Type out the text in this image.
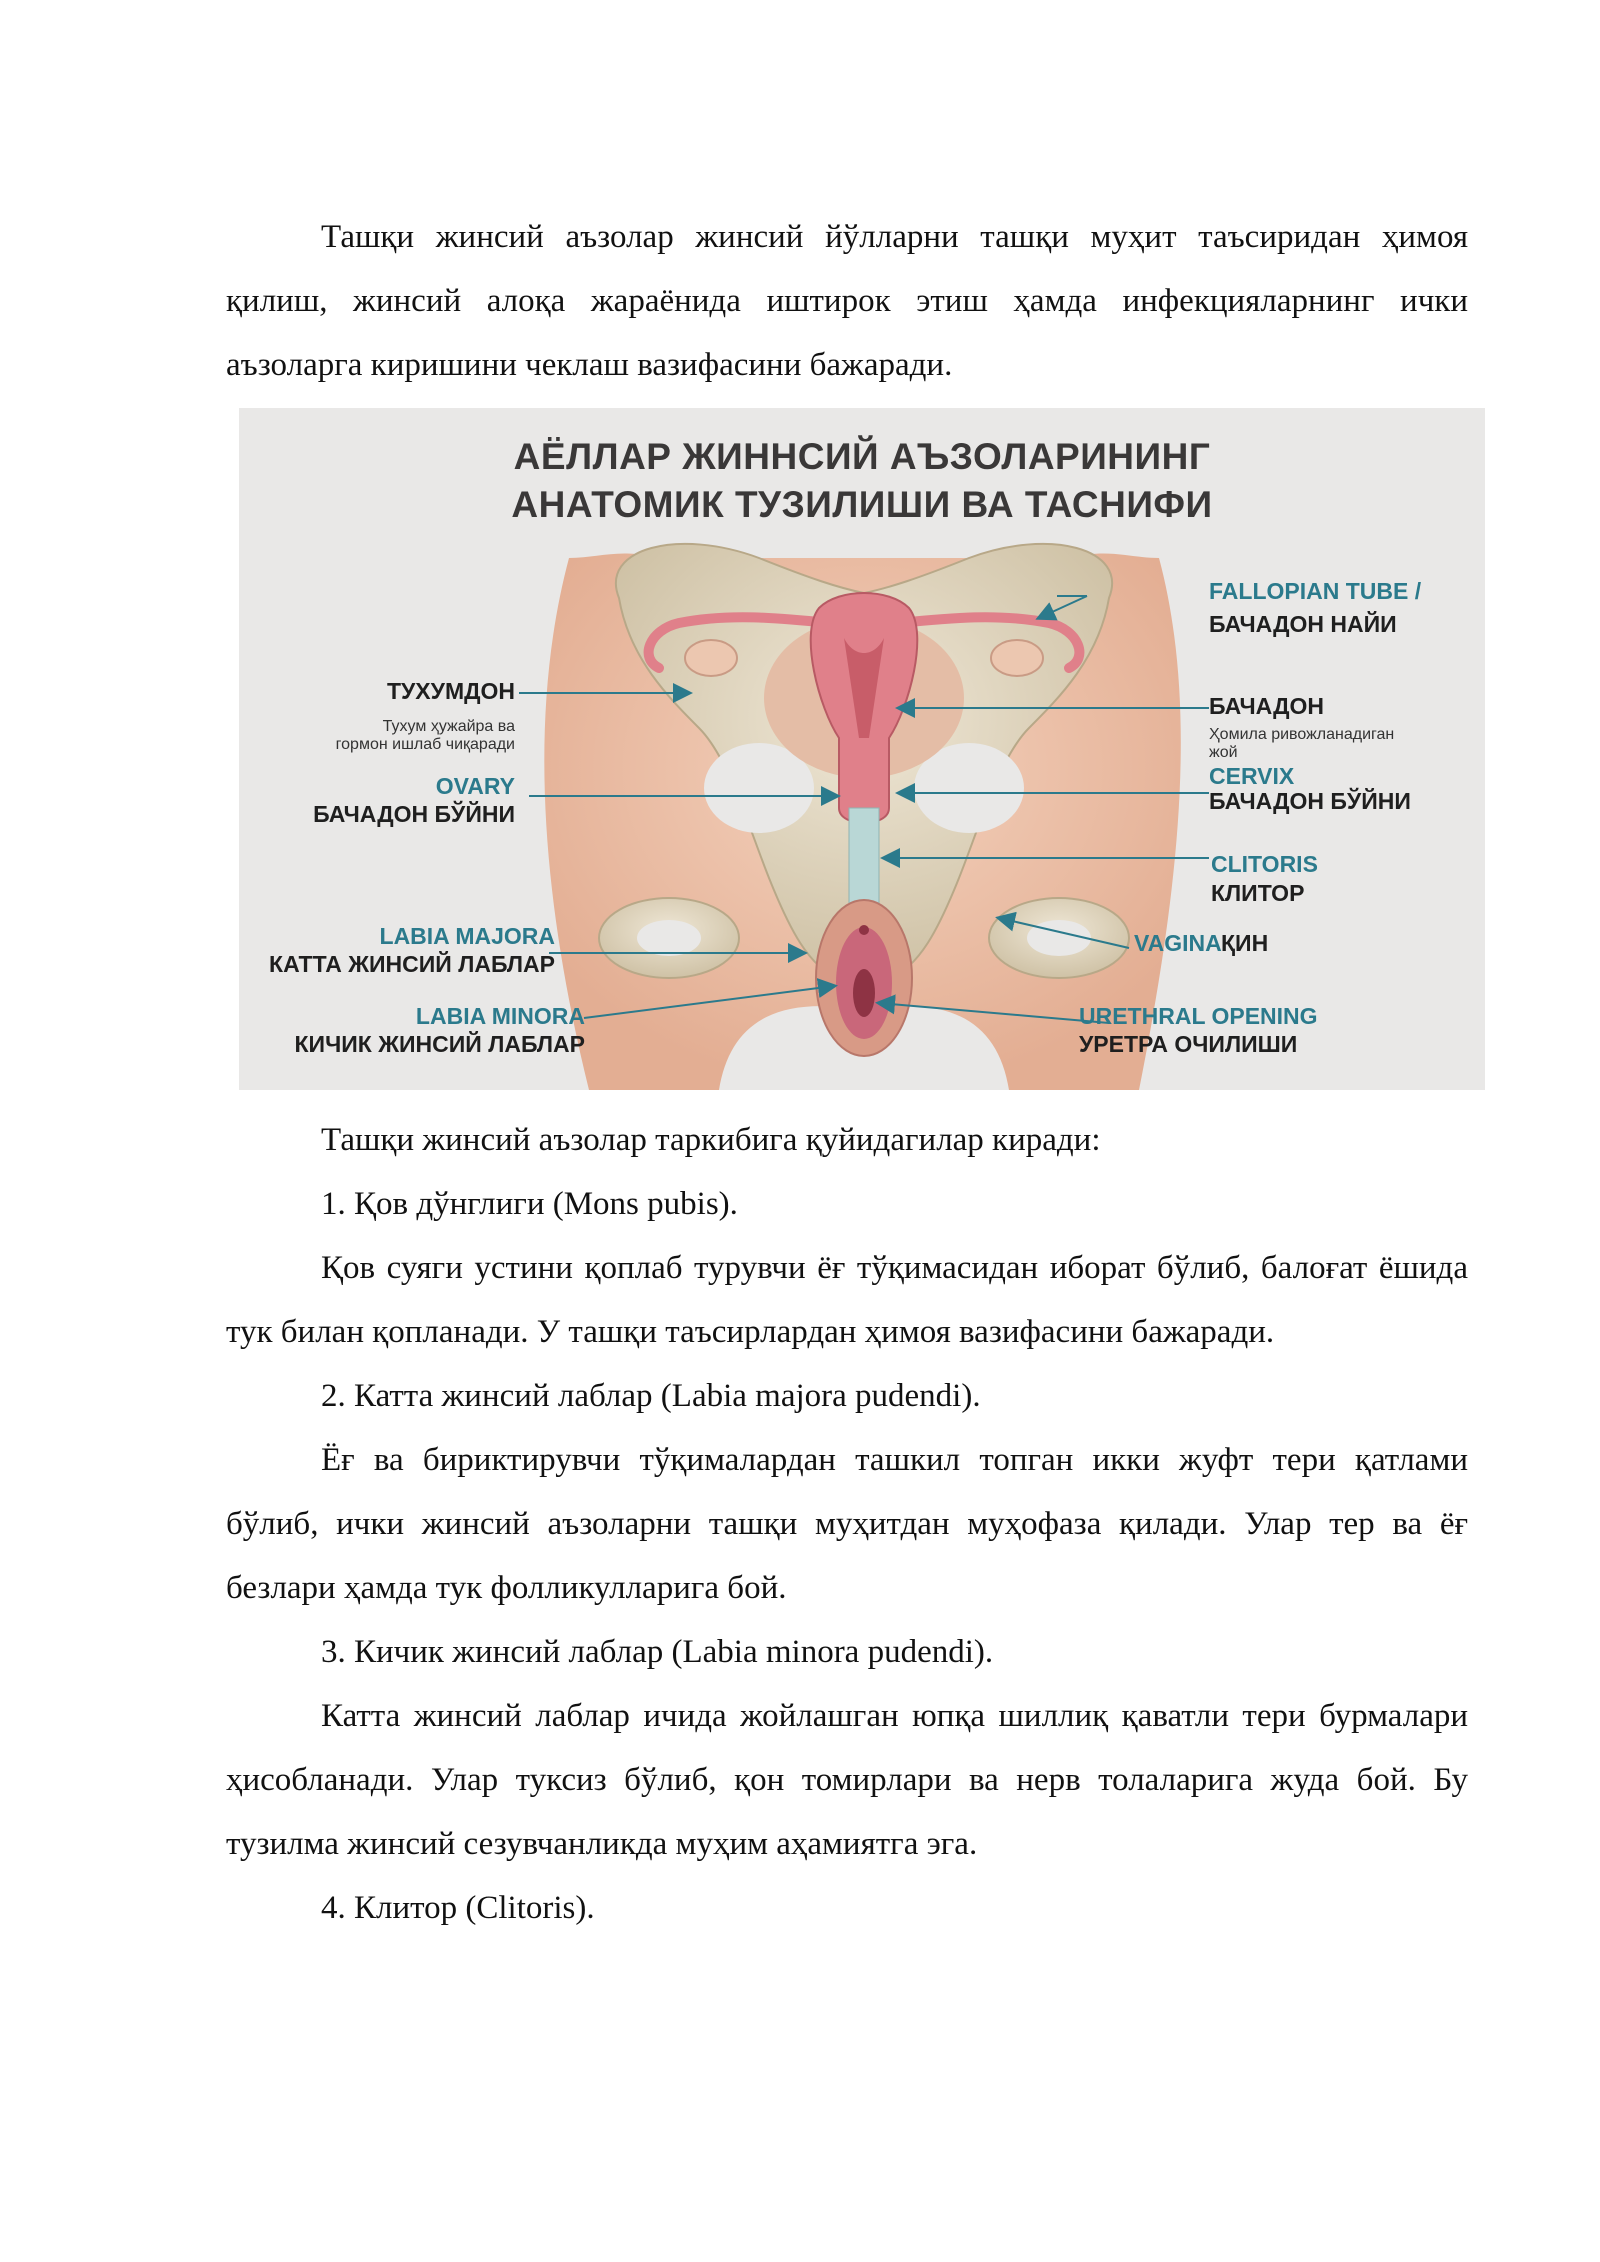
Ташқи жинсий аъзолар жинсий йўлларни ташқи муҳит таъсиридан ҳимоя қилиш, жинсий алоқа жараёнида иштирок этиш ҳамда инфекцияларнинг ички аъзоларга киришини чеклаш вазифасини бажаради.

АЁЛЛАР ЖИННСИЙ АЪЗОЛАРИНИНГ
АНАТОМИК ТУЗИЛИШИ ВА ТАСНИФИ
FALLOPIAN TUBE /
БАЧАДОН НАЙИ
ТУХУМДОН
Тухум ҳужайра ва
гормон ишлаб чиқаради
OVARY
БАЧАДОН БЎЙНИ
БАЧАДОН
Ҳомила ривожланадиган
жой
CERVIX
БАЧАДОН БЎЙНИ
CLITORIS
КЛИТОР
LABIA MAJORA
КАТТА ЖИНСИЙ ЛАБЛАР
VAGINA ҚИН
LABIA MINORA
КИЧИК ЖИНСИЙ ЛАБЛАР
URETHRAL OPENING
УРЕТРА ОЧИЛИШИ

Ташқи жинсий аъзолар таркибига қуйидагилар киради:

1. Қов дўнглиги (Mons pubis).

Қов суяги устини қоплаб турувчи ёғ тўқимасидан иборат бўлиб, балоғат ёшида тук билан қопланади. У ташқи таъсирлардан ҳимоя вазифасини бажаради.

2. Катта жинсий лаблар (Labia majora pudendi).

Ёғ ва бириктирувчи тўқималардан ташкил топган икки жуфт тери қатлами бўлиб, ички жинсий аъзоларни ташқи муҳитдан муҳофаза қилади. Улар тер ва ёғ безлари ҳамда тук фолликулларига бой.

3. Кичик жинсий лаблар (Labia minora pudendi).

Катта жинсий лаблар ичида жойлашган юпқа шиллиқ қаватли тери бурмалари ҳисобланади. Улар туксиз бўлиб, қон томирлари ва нерв толаларига жуда бой. Бу тузилма жинсий сезувчанликда муҳим аҳамиятга эга.

4. Клитор (Clitoris).
